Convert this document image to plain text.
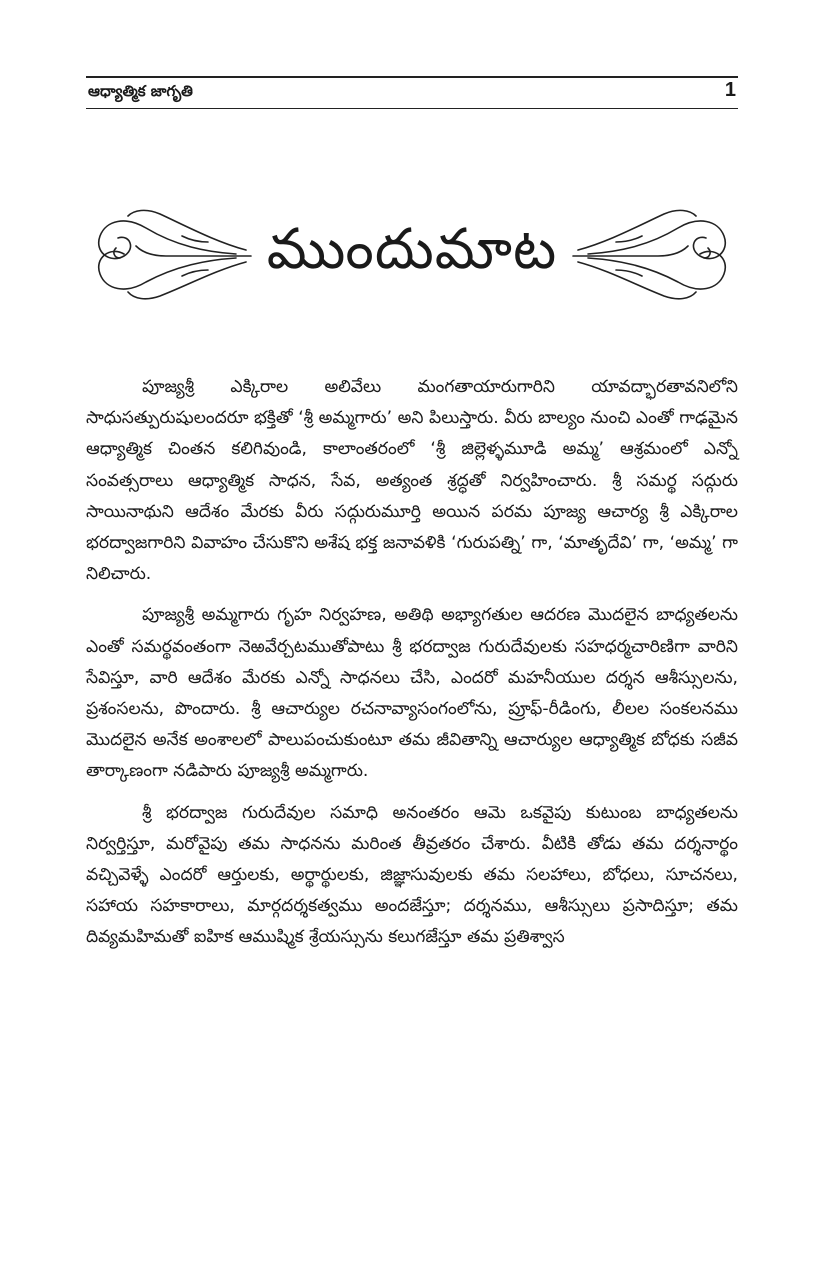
ఆధ్యాత్మిక జాగృతి	1
ముందుమాట

పూజ్యశ్రీ ఎక్కిరాల అలివేలు మంగతాయారుగారిని యావద్భారతావనిలోని సాధుసత్పురుషులందరూ భక్తితో ‘శ్రీ అమ్మగారు’ అని పిలుస్తారు. వీరు బాల్యం నుంచి ఎంతో గాఢమైన ఆధ్యాత్మిక చింతన కలిగివుండి, కాలాంతరంలో ‘శ్రీ జిల్లెళ్ళమూడి అమ్మ’ ఆశ్రమంలో ఎన్నో సంవత్సరాలు ఆధ్యాత్మిక సాధన, సేవ, అత్యంత శ్రద్ధతో నిర్వహించారు. శ్రీ సమర్థ సద్గురు సాయినాథుని ఆదేశం మేరకు వీరు సద్గురుమూర్తి అయిన పరమ పూజ్య ఆచార్య శ్రీ ఎక్కిరాల భరద్వాజగారిని వివాహం చేసుకొని అశేష భక్త జనావళికి ‘గురుపత్ని’ గా, ‘మాతృదేవి’ గా, ‘అమ్మ’ గా నిలిచారు.

పూజ్యశ్రీ అమ్మగారు గృహ నిర్వహణ, అతిథి అభ్యాగతుల ఆదరణ మొదలైన బాధ్యతలను ఎంతో సమర్థవంతంగా నెఱవేర్చటముతోపాటు శ్రీ భరద్వాజ గురుదేవులకు సహధర్మచారిణిగా వారిని సేవిస్తూ, వారి ఆదేశం మేరకు ఎన్నో సాధనలు చేసి, ఎందరో మహనీయుల దర్శన ఆశీస్సులను, ప్రశంసలను, పొందారు. శ్రీ ఆచార్యుల రచనావ్యాసంగంలోను, ప్రూఫ్-రీడింగు, లీలల సంకలనము మొదలైన అనేక అంశాలలో పాలుపంచుకుంటూ తమ జీవితాన్ని ఆచార్యుల ఆధ్యాత్మిక బోధకు సజీవ తార్కాణంగా నడిపారు పూజ్యశ్రీ అమ్మగారు.

శ్రీ భరద్వాజ గురుదేవుల సమాధి అనంతరం ఆమె ఒకవైపు కుటుంబ బాధ్యతలను నిర్వర్తిస్తూ, మరోవైపు తమ సాధనను మరింత తీవ్రతరం చేశారు. వీటికి తోడు తమ దర్శనార్థం వచ్చివెళ్ళే ఎందరో ఆర్తులకు, అర్థార్థులకు, జిజ్ఞాసువులకు తమ సలహాలు, బోధలు, సూచనలు, సహాయ సహకారాలు, మార్గదర్శకత్వము అందజేస్తూ; దర్శనము, ఆశీస్సులు ప్రసాదిస్తూ; తమ దివ్యమహిమతో ఐహిక ఆముష్మిక శ్రేయస్సును కలుగజేస్తూ తమ ప్రతిశ్వాస
